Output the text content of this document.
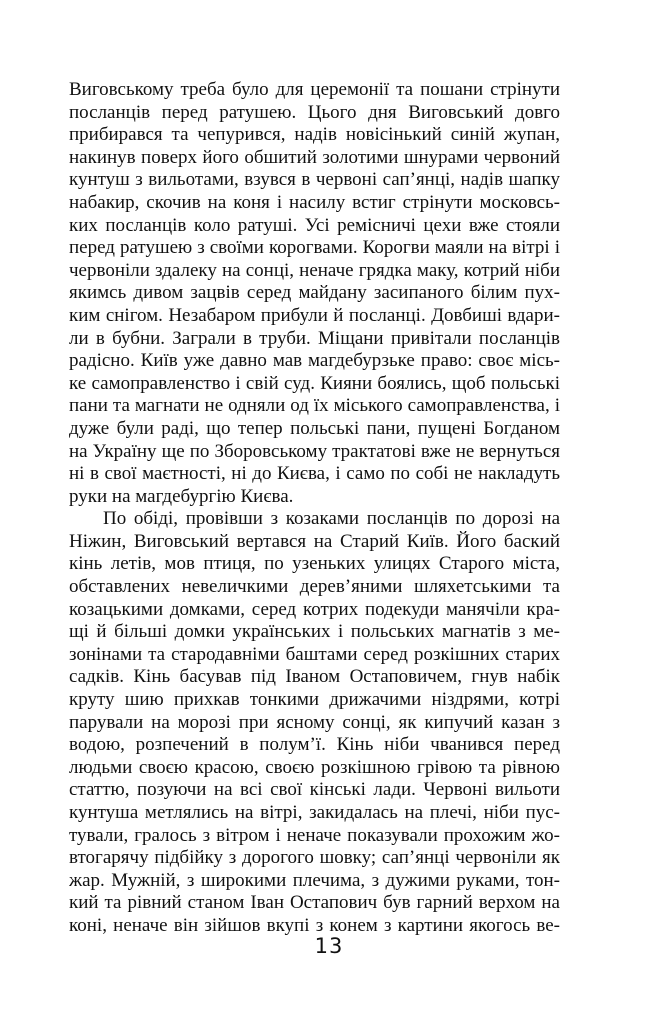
Виговському треба було для церемонії та пошани стрінути
посланців перед ратушею. Цього дня Виговський довго
прибирався та чепурився, надів новісінький синій жупан,
накинув поверх його обшитий золотими шнурами червоний
кунтуш з вильотами, взувся в червоні сап’янці, надів шапку
набакир, скочив на коня і насилу встиг стрінути московсь-
ких посланців коло ратуші. Усі ремісничі цехи вже стояли
перед ратушею з своїми корогвами. Корогви маяли на вітрі і
червоніли здалеку на сонці, неначе грядка маку, котрий ніби
якимсь дивом зацвів серед майдану засипаного білим пух-
ким снігом. Незабаром прибули й посланці. Довбиші вдари-
ли в бубни. Заграли в труби. Міщани привітали посланців
радісно. Київ уже давно мав магдебурзьке право: своє місь-
ке самоправленство і свій суд. Кияни боялись, щоб польські
пани та магнати не одняли од їх міського самоправленства, і
дуже були раді, що тепер польські пани, пущені Богданом
на Україну ще по Зборовському трактатові вже не вернуться
ні в свої маєтності, ні до Києва, і само по собі не накладуть
руки на магдебургію Києва.
По обіді, провівши з козаками посланців по дорозі на
Ніжин, Виговський вертався на Старий Київ. Його баский
кінь летів, мов птиця, по узеньких улицях Старого міста,
обставлених невеличкими дерев’яними шляхетськими та
козацькими домками, серед котрих подекуди манячіли кра-
щі й більші домки українських і польських магнатів з ме-
зонінами та стародавніми баштами серед розкішних старих
садків. Кінь басував під Іваном Остаповичем, гнув набік
круту шию прихкав тонкими дрижачими ніздрями, котрі
парували на морозі при ясному сонці, як кипучий казан з
водою, розпечений в полум’ї. Кінь ніби чванився перед
людьми своєю красою, своєю розкішною грівою та рівною
статтю, позуючи на всі свої кінські лади. Червоні вильоти
кунтуша метлялись на вітрі, закидалась на плечі, ніби пус-
тували, гралось з вітром і неначе показували прохожим жо-
втогарячу підбійку з дорогого шовку; сап’янці червоніли як
жар. Мужній, з широкими плечима, з дужими руками, тон-
кий та рівний станом Іван Остапович був гарний верхом на
коні, неначе він зійшов вкупі з конем з картини якогось ве-
13
